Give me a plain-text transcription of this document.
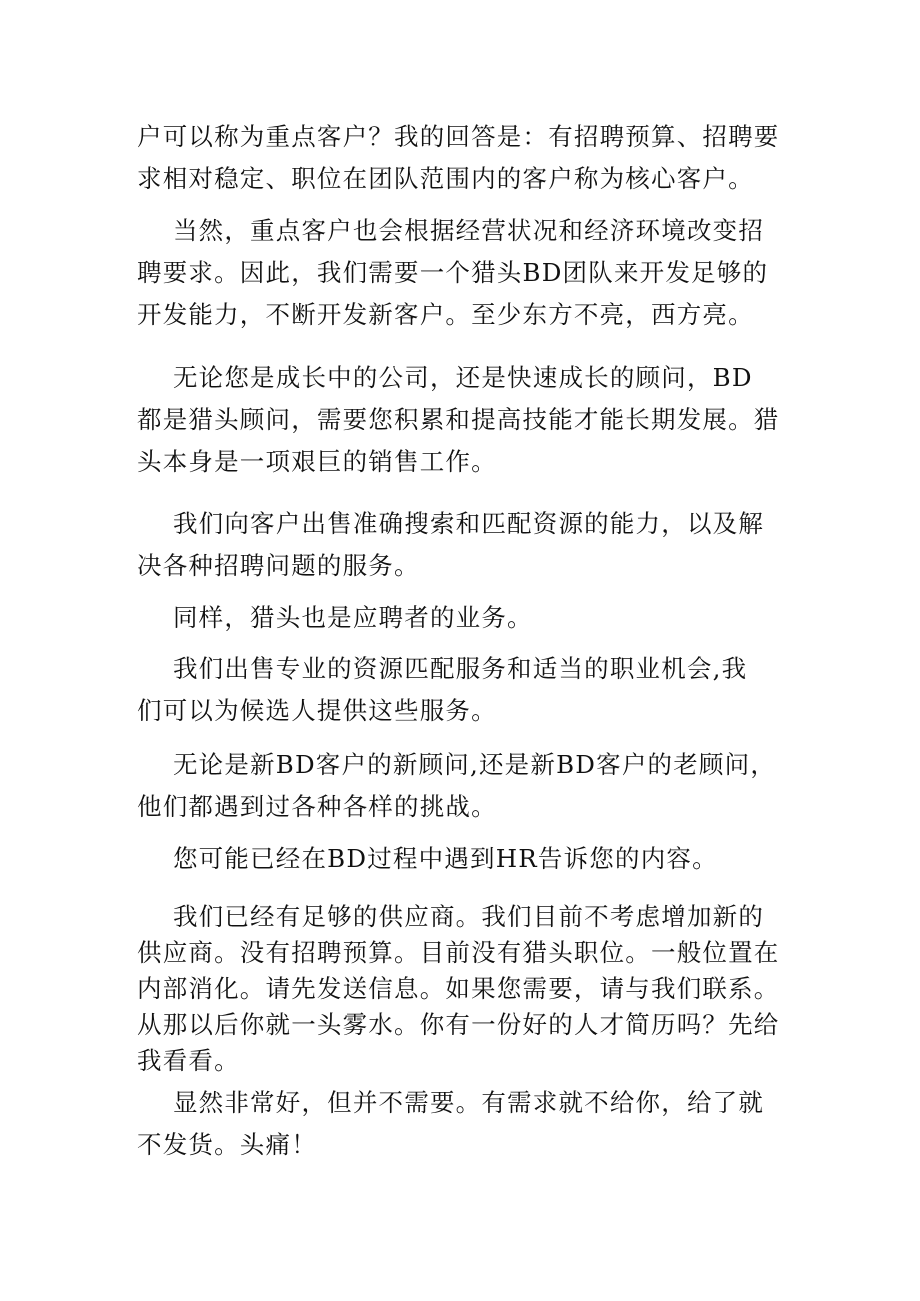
户可以称为重点客户？我的回答是：有招聘预算、招聘要
求相对稳定、职位在团队范围内的客户称为核心客户。

当然，重点客户也会根据经营状况和经济环境改变招
聘要求。因此，我们需要一个猎头BD团队来开发足够的
开发能力，不断开发新客户。至少东方不亮，西方亮。

无论您是成长中的公司，还是快速成长的顾问，BD
都是猎头顾问，需要您积累和提高技能才能长期发展。猎
头本身是一项艰巨的销售工作。

我们向客户出售准确搜索和匹配资源的能力，以及解
决各种招聘问题的服务。

同样，猎头也是应聘者的业务。

我们出售专业的资源匹配服务和适当的职业机会,我
们可以为候选人提供这些服务。

无论是新BD客户的新顾问,还是新BD客户的老顾问，
他们都遇到过各种各样的挑战。

您可能已经在BD过程中遇到HR告诉您的内容。

我们已经有足够的供应商。我们目前不考虑增加新的
供应商。没有招聘预算。目前没有猎头职位。一般位置在
内部消化。请先发送信息。如果您需要，请与我们联系。
从那以后你就一头雾水。你有一份好的人才简历吗？先给
我看看。

显然非常好，但并不需要。有需求就不给你，给了就
不发货。头痛！
